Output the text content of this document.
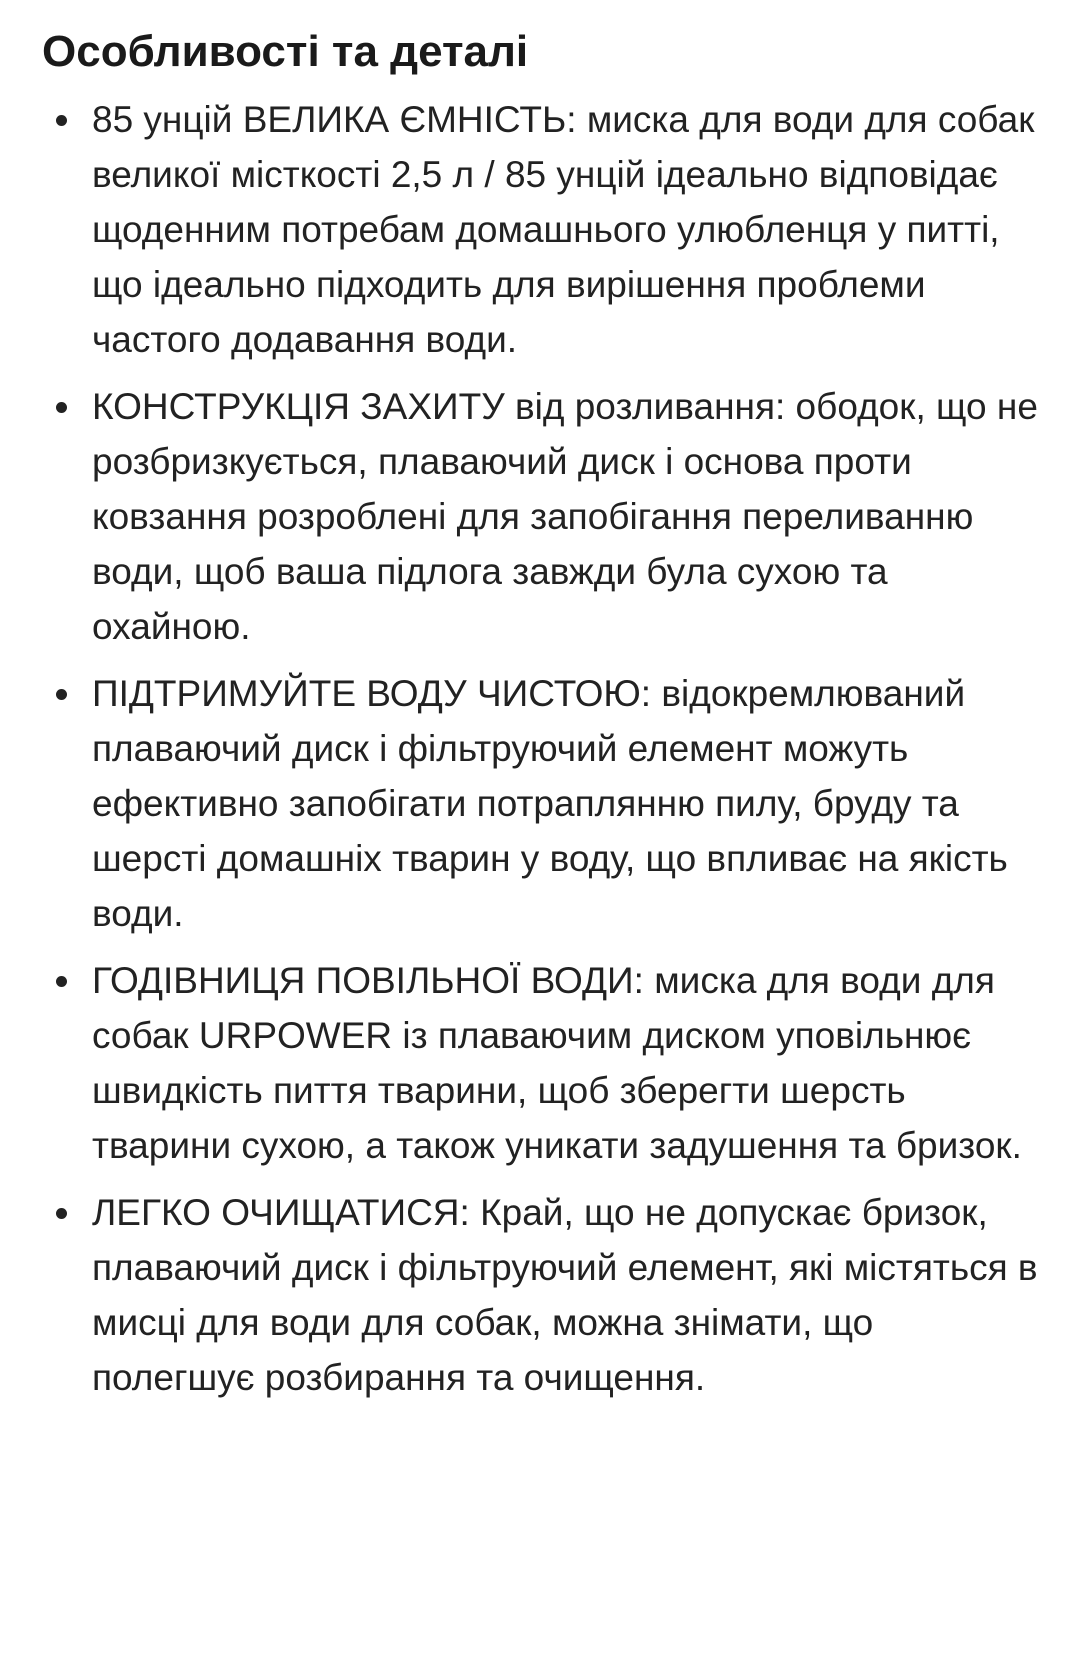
Особливості та деталі
85 унцій ВЕЛИКА ЄМНІСТЬ: миска для води для собак великої місткості 2,5 л / 85 унцій ідеально відповідає щоденним потребам домашнього улюбленця у питті, що ідеально підходить для вирішення проблеми частого додавання води.
КОНСТРУКЦІЯ ЗАХИТУ від розливання: ободок, що не розбризкується, плаваючий диск і основа проти ковзання розроблені для запобігання переливанню води, щоб ваша підлога завжди була сухою та охайною.
ПІДТРИМУЙТЕ ВОДУ ЧИСТОЮ: відокремлюваний плаваючий диск і фільтруючий елемент можуть ефективно запобігати потраплянню пилу, бруду та шерсті домашніх тварин у воду, що впливає на якість води.
ГОДІВНИЦЯ ПОВІЛЬНОЇ ВОДИ: миска для води для собак URPOWER із плаваючим диском уповільнює швидкість пиття тварини, щоб зберегти шерсть тварини сухою, а також уникати задушення та бризок.
ЛЕГКО ОЧИЩАТИСЯ: Край, що не допускає бризок, плаваючий диск і фільтруючий елемент, які містяться в мисці для води для собак, можна знімати, що полегшує розбирання та очищення.
